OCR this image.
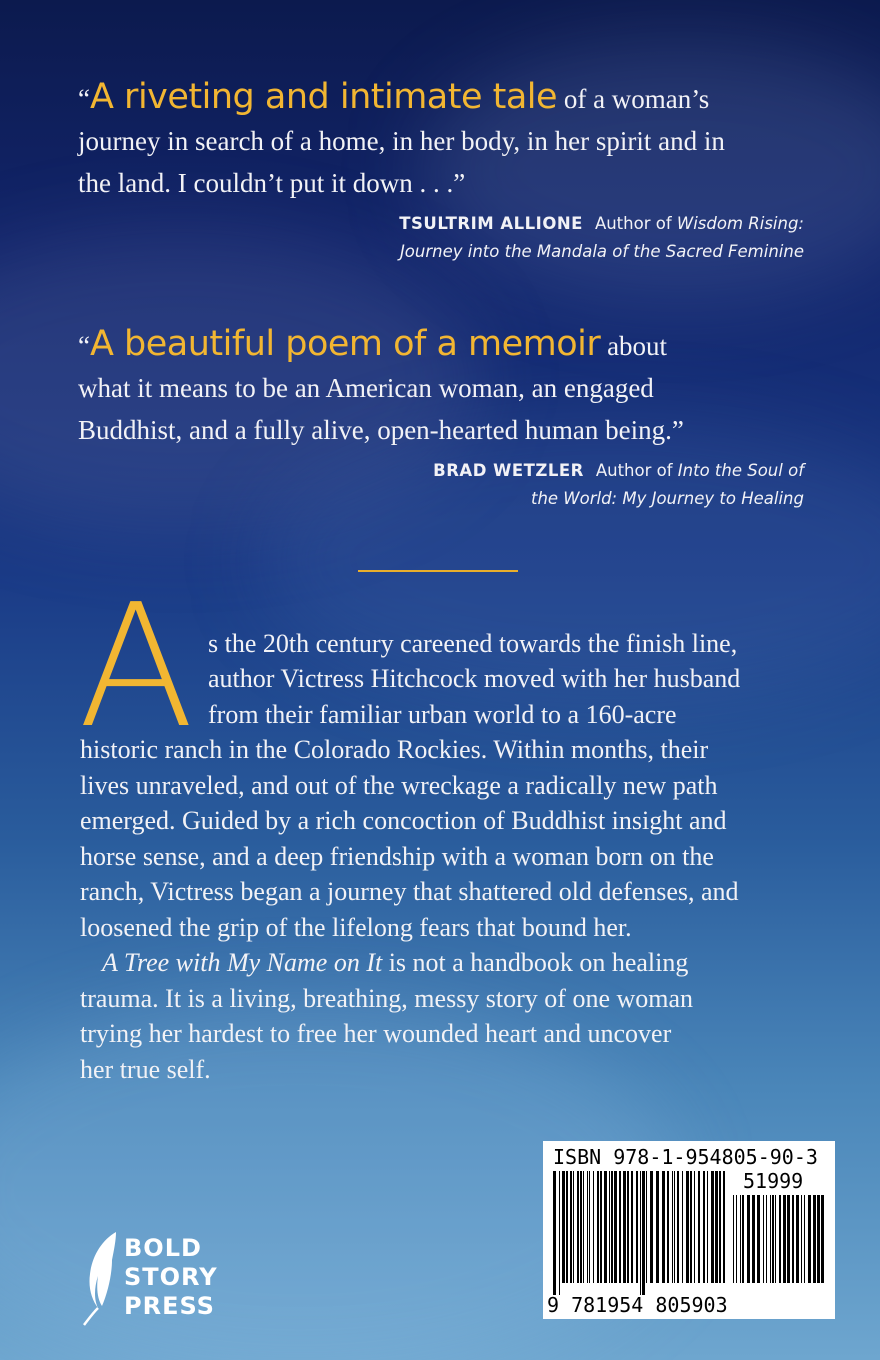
“A riveting and intimate tale of a woman’s
journey in search of a home, in her body, in her spirit and in
the land. I couldn’t put it down . . .”

TSULTRIM ALLIONE Author of Wisdom Rising:
Journey into the Mandala of the Sacred Feminine

“A beautiful poem of a memoir about
what it means to be an American woman, an engaged
Buddhist, and a fully alive, open-hearted human being.”

BRAD WETZLER Author of Into the Soul of
the World: My Journey to Healing
A s the 20th century careened towards the finish line,
author Victress Hitchcock moved with her husband
from their familiar urban world to a 160-acre
historic ranch in the Colorado Rockies. Within months, their
lives unraveled, and out of the wreckage a radically new path
emerged. Guided by a rich concoction of Buddhist insight and
horse sense, and a deep friendship with a woman born on the
ranch, Victress began a journey that shattered old defenses, and
loosened the grip of the lifelong fears that bound her.
A Tree with My Name on It is not a handbook on healing
trauma. It is a living, breathing, messy story of one woman
trying her hardest to free her wounded heart and uncover
her true self.
ISBN 978-1-954805-90-3
51999
9 781954 805903
BOLD
STORY
PRESS
